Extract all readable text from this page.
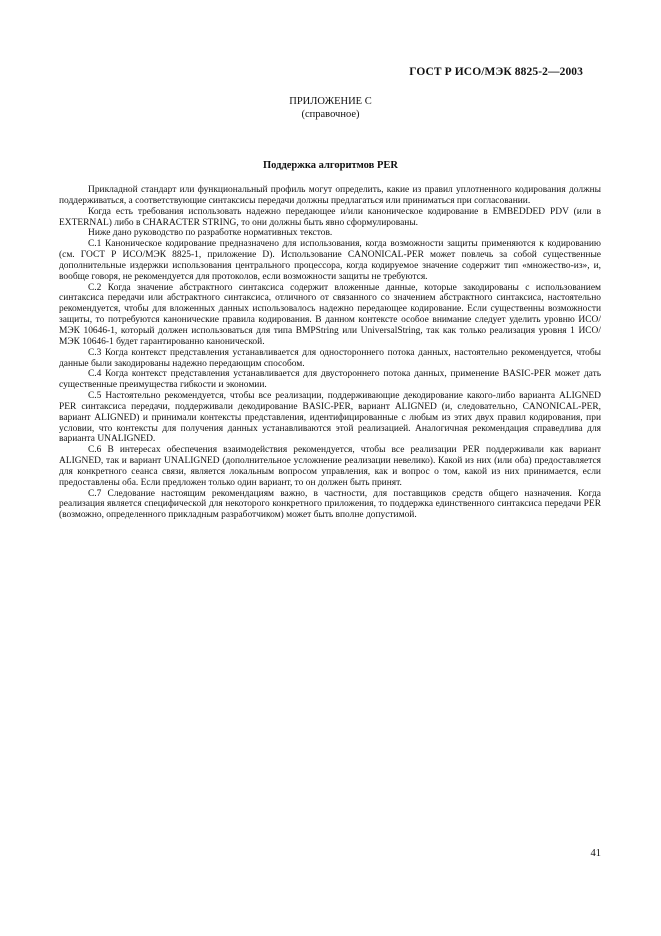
ГОСТ Р ИСО/МЭК 8825-2—2003
ПРИЛОЖЕНИЕ С
(справочное)
Поддержка алгоритмов PER

Прикладной стандарт или функциональный профиль могут определить, какие из правил уплотненного кодирования должны поддерживаться, а соответствующие синтаксисы передачи должны предлагаться или приниматься при согласовании.

Когда есть требования использовать надежно передающее и/или каноническое кодирование в EMBEDDED PDV (или в EXTERNAL) либо в CHARACTER STRING, то они должны быть явно сформулированы.

Ниже дано руководство по разработке нормативных текстов.

C.1 Каноническое кодирование предназначено для использования, когда возможности защиты применяются к кодированию (см. ГОСТ Р ИСО/МЭК 8825-1, приложение D). Использование CANONICAL-PER может повлечь за собой существенные дополнительные издержки использования центрального процессора, когда кодируемое значение содержит тип «множество-из», и, вообще говоря, не рекомендуется для протоколов, если возможности защиты не требуются.

C.2 Когда значение абстрактного синтаксиса содержит вложенные данные, которые закодированы с использованием синтаксиса передачи или абстрактного синтаксиса, отличного от связанного со значением абстрактного синтаксиса, настоятельно рекомендуется, чтобы для вложенных данных использовалось надежно передающее кодирование. Если существенны возможности защиты, то потребуются канонические правила кодирования. В данном контексте особое внимание следует уделить уровню ИСО/МЭК 10646-1, который должен использоваться для типа BMPString или UniversalString, так как только реализация уровня 1 ИСО/МЭК 10646-1 будет гарантированно канонической.

C.3 Когда контекст представления устанавливается для одностороннего потока данных, настоятельно рекомендуется, чтобы данные были закодированы надежно передающим способом.

C.4 Когда контекст представления устанавливается для двустороннего потока данных, применение BASIC-PER может дать существенные преимущества гибкости и экономии.

C.5 Настоятельно рекомендуется, чтобы все реализации, поддерживающие декодирование какого-либо варианта ALIGNED PER синтаксиса передачи, поддерживали декодирование BASIC-PER, вариант ALIGNED (и, следовательно, CANONICAL-PER, вариант ALIGNED) и принимали контексты представления, идентифицированные с любым из этих двух правил кодирования, при условии, что контексты для получения данных устанавливаются этой реализацией. Аналогичная рекомендация справедлива для варианта UNALIGNED.

C.6 В интересах обеспечения взаимодействия рекомендуется, чтобы все реализации PER поддерживали как вариант ALIGNED, так и вариант UNALIGNED (дополнительное усложнение реализации невелико). Какой из них (или оба) предоставляется для конкретного сеанса связи, является локальным вопросом управления, как и вопрос о том, какой из них принимается, если предоставлены оба. Если предложен только один вариант, то он должен быть принят.

C.7 Следование настоящим рекомендациям важно, в частности, для поставщиков средств общего назначения. Когда реализация является специфической для некоторого конкретного приложения, то поддержка единственного синтаксиса передачи PER (возможно, определенного прикладным разработчиком) может быть вполне допустимой.

41
